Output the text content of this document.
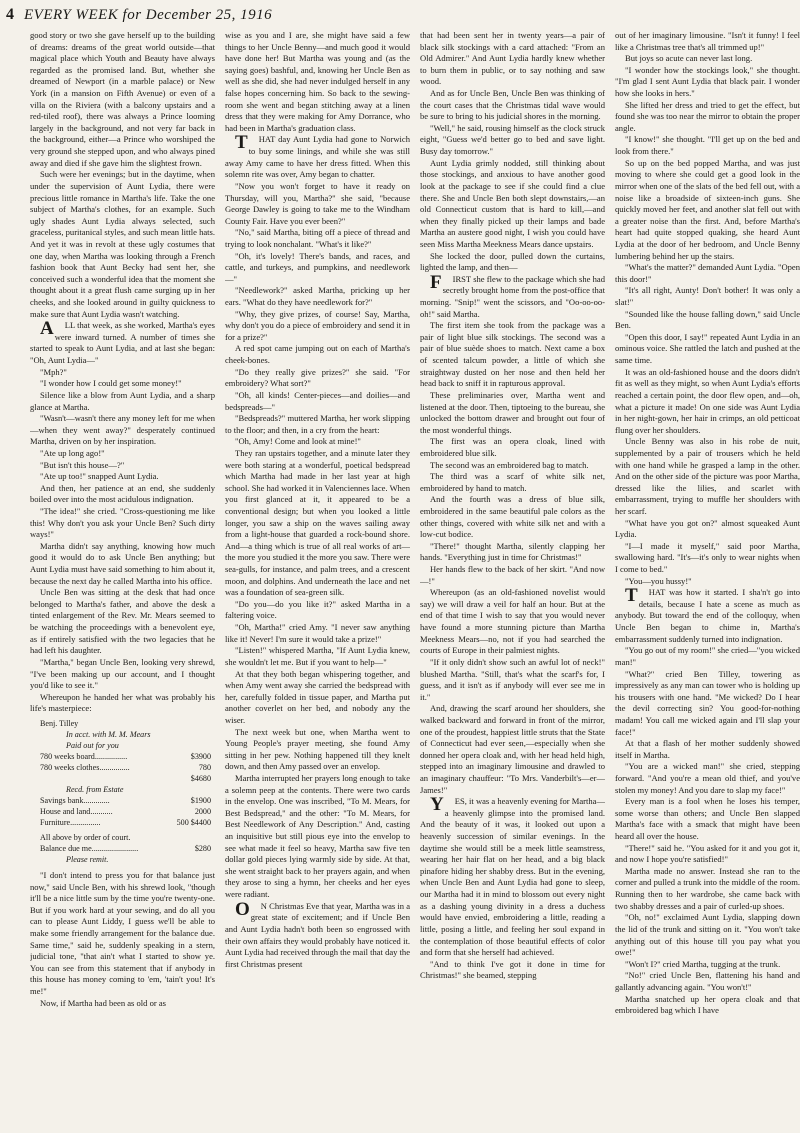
4 EVERY WEEK for December 25, 1916

good story or two she gave herself up to the building of dreams: dreams of the great world outside—that magical place which Youth and Beauty have always regarded as the promised land. But, whether she dreamed of Newport (in a marble palace) or New York (in a mansion on Fifth Avenue) or even of a villa on the Riviera (with a balcony upstairs and a red-tiled roof), there was always a Prince looming largely in the background, and not very far back in the background, either—a Prince who worshiped the very ground she stepped upon, and who always pined away and died if she gave him the slightest frown.

Such were her evenings; but in the daytime, when under the supervision of Aunt Lydia, there were precious little romance in Martha's life. Take the one subject of Martha's clothes, for an example. Such ugly shades Aunt Lydia always selected, such graceless, puritanical styles, and such mean little hats. And yet it was in revolt at these ugly costumes that one day, when Martha was looking through a French fashion book that Aunt Becky had sent her, she conceived such a wonderful idea that the moment she thought about it a great flush came surging up in her cheeks, and she looked around in guilty quickness to make sure that Aunt Lydia wasn't watching.

ALL that week, as she worked, Martha's eyes were inward turned. A number of times she started to speak to Aunt Lydia, and at last she began: "Oh, Aunt Lydia—"

"Mph?"

"I wonder how I could get some money!"

Silence like a blow from Aunt Lydia, and a sharp glance at Martha.

"Wasn't—wasn't there any money left for me when—when they went away?" desperately continued Martha, driven on by her inspiration.

"Ate up long ago!"

"But isn't this house—?"

"Ate up too!" snapped Aunt Lydia.

And then, her patience at an end, she suddenly boiled over into the most acidulous indignation.

"The idea!" she cried. "Cross-questioning me like this! Why don't you ask your Uncle Ben? Such dirty ways!"

Martha didn't say anything, knowing how much good it would do to ask Uncle Ben anything; but Aunt Lydia must have said something to him about it, because the next day he called Martha into his office.

Uncle Ben was sitting at the desk that had once belonged to Martha's father, and above the desk a tinted enlargement of the Rev. Mr. Mears seemed to be watching the proceedings with a benevolent eye, as if entirely satisfied with the two legacies that he had left his daughter.

"Martha," began Uncle Ben, looking very shrewd, "I've been making up our account, and I thought you'd like to see it."

Whereupon he handed her what was probably his life's masterpiece:

Benj. Tilley
In acct. with M. M. Mears
Paid out for you
780 weeks board................	$3900
780 weeks clothes...............	780
$4680
Recd. from Estate
Savings bank.............	$1900
House and land...........	2000
Furniture...............	500 $4400
All above by order of court.
Balance due me.......................	$280
Please remit.

"I don't intend to press you for that balance just now," said Uncle Ben, with his shrewd look, "though it'll be a nice little sum by the time you're twenty-one. But if you work hard at your sewing, and do all you can to please Aunt Liddy, I guess we'll be able to make some friendly arrangement for the balance due. Same time," said he, suddenly speaking in a stern, judicial tone, "that ain't what I started to show ye. You can see from this statement that if anybody in this house has money coming to 'em, 'tain't you! It's me!"

Now, if Martha had been as old or as

wise as you and I are, she might have said a few things to her Uncle Benny—and much good it would have done her! But Martha was young and (as the saying goes) bashful, and, knowing her Uncle Ben as well as she did, she had never indulged herself in any false hopes concerning him. So back to the sewing-room she went and began stitching away at a linen dress that they were making for Amy Dorrance, who had been in Martha's graduation class.

THAT day Aunt Lydia had gone to Norwich to buy some linings, and while she was still away Amy came to have her dress fitted. When this solemn rite was over, Amy began to chatter.

"Now you won't forget to have it ready on Thursday, will you, Martha?" she said, "because George Dawley is going to take me to the Windham County Fair. Have you ever been?"

"No," said Martha, biting off a piece of thread and trying to look nonchalant. "What's it like?"

"Oh, it's lovely! There's bands, and races, and cattle, and turkeys, and pumpkins, and needlework—"

"Needlework?" asked Martha, pricking up her ears. "What do they have needlework for?"

"Why, they give prizes, of course! Say, Martha, why don't you do a piece of embroidery and send it in for a prize?"

A red spot came jumping out on each of Martha's cheek-bones.

"Do they really give prizes?" she said. "For embroidery? What sort?"

"Oh, all kinds! Center-pieces—and doilies—and bedspreads—"

"Bedspreads?" muttered Martha, her work slipping to the floor; and then, in a cry from the heart:

"Oh, Amy! Come and look at mine!"

They ran upstairs together, and a minute later they were both staring at a wonderful, poetical bedspread which Martha had made in her last year at high school. She had worked it in Valenciennes lace. When you first glanced at it, it appeared to be a conventional design; but when you looked a little longer, you saw a ship on the waves sailing away from a light-house that guarded a rock-bound shore. And—a thing which is true of all real works of art—the more you studied it the more you saw. There were sea-gulls, for instance, and palm trees, and a crescent moon, and dolphins. And underneath the lace and net was a foundation of sea-green silk.

"Do you—do you like it?" asked Martha in a faltering voice.

"Oh, Martha!" cried Amy. "I never saw anything like it! Never! I'm sure it would take a prize!"

"Listen!" whispered Martha, "If Aunt Lydia knew, she wouldn't let me. But if you want to help—"

At that they both began whispering together, and when Amy went away she carried the bedspread with her, carefully folded in tissue paper, and Martha put another coverlet on her bed, and nobody any the wiser.

The next week but one, when Martha went to Young People's prayer meeting, she found Amy sitting in her pew. Nothing happened till they knelt down, and then Amy passed over an envelop.

Martha interrupted her prayers long enough to take a solemn peep at the contents. There were two cards in the envelop. One was inscribed, "To M. Mears, for Best Bedspread," and the other: "To M. Mears, for Best Needlework of Any Description." And, casting an inquisitive but still pious eye into the envelop to see what made it feel so heavy, Martha saw five ten dollar gold pieces lying warmly side by side. At that, she went straight back to her prayers again, and when they arose to sing a hymn, her cheeks and her eyes were radiant.

ON Christmas Eve that year, Martha was in a great state of excitement; and if Uncle Ben and Aunt Lydia hadn't both been so engrossed with their own affairs they would probably have noticed it. Aunt Lydia had received through the mail that day the first Christmas present

that had been sent her in twenty years—a pair of black silk stockings with a card attached: "From an Old Admirer." And Aunt Lydia hardly knew whether to burn them in public, or to say nothing and saw wood.

And as for Uncle Ben, Uncle Ben was thinking of the court cases that the Christmas tidal wave would be sure to bring to his judicial shores in the morning.

"Well," he said, rousing himself as the clock struck eight, "Guess we'd better go to bed and save light. Busy day tomorrow."

Aunt Lydia grimly nodded, still thinking about those stockings, and anxious to have another good look at the package to see if she could find a clue there. She and Uncle Ben both slept downstairs,—an old Connecticut custom that is hard to kill,—and when they finally picked up their lamps and bade Martha an austere good night, I wish you could have seen Miss Martha Meekness Mears dance upstairs.

She locked the door, pulled down the curtains, lighted the lamp, and then—

FIRST she flew to the package which she had secretly brought home from the post-office that morning. "Snip!" went the scissors, and "Oo-oo-oo-oh!" said Martha.

The first item she took from the package was a pair of light blue silk stockings. The second was a pair of blue suède shoes to match. Next came a box of scented talcum powder, a little of which she straightway dusted on her nose and then held her head back to sniff it in rapturous approval.

These preliminaries over, Martha went and listened at the door. Then, tiptoeing to the bureau, she unlocked the bottom drawer and brought out four of the most wonderful things.

The first was an opera cloak, lined with embroidered blue silk.

The second was an embroidered bag to match.

The third was a scarf of white silk net, embroidered by hand to match.

And the fourth was a dress of blue silk, embroidered in the same beautiful pale colors as the other things, covered with white silk net and with a low-cut bodice.

"There!" thought Martha, silently clapping her hands. "Everything just in time for Christmas!"

Her hands flew to the back of her skirt. "And now—!"

Whereupon (as an old-fashioned novelist would say) we will draw a veil for half an hour. But at the end of that time I wish to say that you would never have found a more stunning picture than Martha Meekness Mears—no, not if you had searched the courts of Europe in their palmiest nights.

"If it only didn't show such an awful lot of neck!" blushed Martha. "Still, that's what the scarf's for, I guess, and it isn't as if anybody will ever see me in it."

And, drawing the scarf around her shoulders, she walked backward and forward in front of the mirror, one of the proudest, happiest little struts that the State of Connecticut had ever seen,—especially when she donned her opera cloak and, with her head held high, stepped into an imaginary limousine and drawled to an imaginary chauffeur: "To Mrs. Vanderbilt's—er—James!"

YES, it was a heavenly evening for Martha—a heavenly glimpse into the promised land. And the beauty of it was, it looked out upon a heavenly succession of similar evenings. In the daytime she would still be a meek little seamstress, wearing her hair flat on her head, and a big black pinafore hiding her shabby dress. But in the evening, when Uncle Ben and Aunt Lydia had gone to sleep, our Martha had it in mind to blossom out every night as a dashing young divinity in a dress a duchess would have envied, embroidering a little, reading a little, posing a little, and feeling her soul expand in the contemplation of those beautiful effects of color and form that she herself had achieved.

"And to think I've got it done in time for Christmas!" she beamed, stepping

out of her imaginary limousine. "Isn't it funny! I feel like a Christmas tree that's all trimmed up!"

But joys so acute can never last long.

"I wonder how the stockings look," she thought. "I'm glad I sent Aunt Lydia that black pair. I wonder how she looks in hers."

She lifted her dress and tried to get the effect, but found she was too near the mirror to obtain the proper angle.

"I know!" she thought. "I'll get up on the bed and look from there."

So up on the bed popped Martha, and was just moving to where she could get a good look in the mirror when one of the slats of the bed fell out, with a noise like a broadside of sixteen-inch guns. She quickly moved her feet, and another slat fell out with a greater noise than the first. And, before Martha's heart had quite stopped quaking, she heard Aunt Lydia at the door of her bedroom, and Uncle Benny lumbering behind her up the stairs.

"What's the matter?" demanded Aunt Lydia. "Open this door!"

"It's all right, Aunty! Don't bother! It was only a slat!"

"Sounded like the house falling down," said Uncle Ben.

"Open this door, I say!" repeated Aunt Lydia in an ominous voice. She rattled the latch and pushed at the same time.

It was an old-fashioned house and the doors didn't fit as well as they might, so when Aunt Lydia's efforts reached a certain point, the door flew open, and—oh, what a picture it made! On one side was Aunt Lydia in her night-gown, her hair in crimps, an old petticoat flung over her shoulders.

Uncle Benny was also in his robe de nuit, supplemented by a pair of trousers which he held with one hand while he grasped a lamp in the other. And on the other side of the picture was poor Martha, dressed like the lilies, and scarlet with embarrassment, trying to muffle her shoulders with her scarf.

"What have you got on?" almost squeaked Aunt Lydia.

"I—I made it myself," said poor Martha, swallowing hard. "It's—it's only to wear nights when I come to bed."

"You—you hussy!"

THAT was how it started. I sha'n't go into details, because I hate a scene as much as anybody. But toward the end of the colloquy, when Uncle Ben began to chime in, Martha's embarrassment suddenly turned into indignation.

"You go out of my room!" she cried—"you wicked man!"

"What?" cried Ben Tilley, towering as impressively as any man can tower who is holding up his trousers with one hand. "Me wicked? Do I hear the devil correcting sin? You good-for-nothing madam! You call me wicked again and I'll slap your face!"

At that a flash of her mother suddenly showed itself in Martha.

"You are a wicked man!" she cried, stepping forward. "And you're a mean old thief, and you've stolen my money! And you dare to slap my face!"

Every man is a fool when he loses his temper, some worse than others; and Uncle Ben slapped Martha's face with a smack that might have been heard all over the house.

"There!" said he. "You asked for it and you got it, and now I hope you're satisfied!"

Martha made no answer. Instead she ran to the corner and pulled a trunk into the middle of the room. Running then to her wardrobe, she came back with two shabby dresses and a pair of curled-up shoes.

"Oh, no!" exclaimed Aunt Lydia, slapping down the lid of the trunk and sitting on it. "You won't take anything out of this house till you pay what you owe!"

"Won't I?" cried Martha, tugging at the trunk.

"No!" cried Uncle Ben, flattening his hand and gallantly advancing again. "You won't!"

Martha snatched up her opera cloak and that embroidered bag which I have
